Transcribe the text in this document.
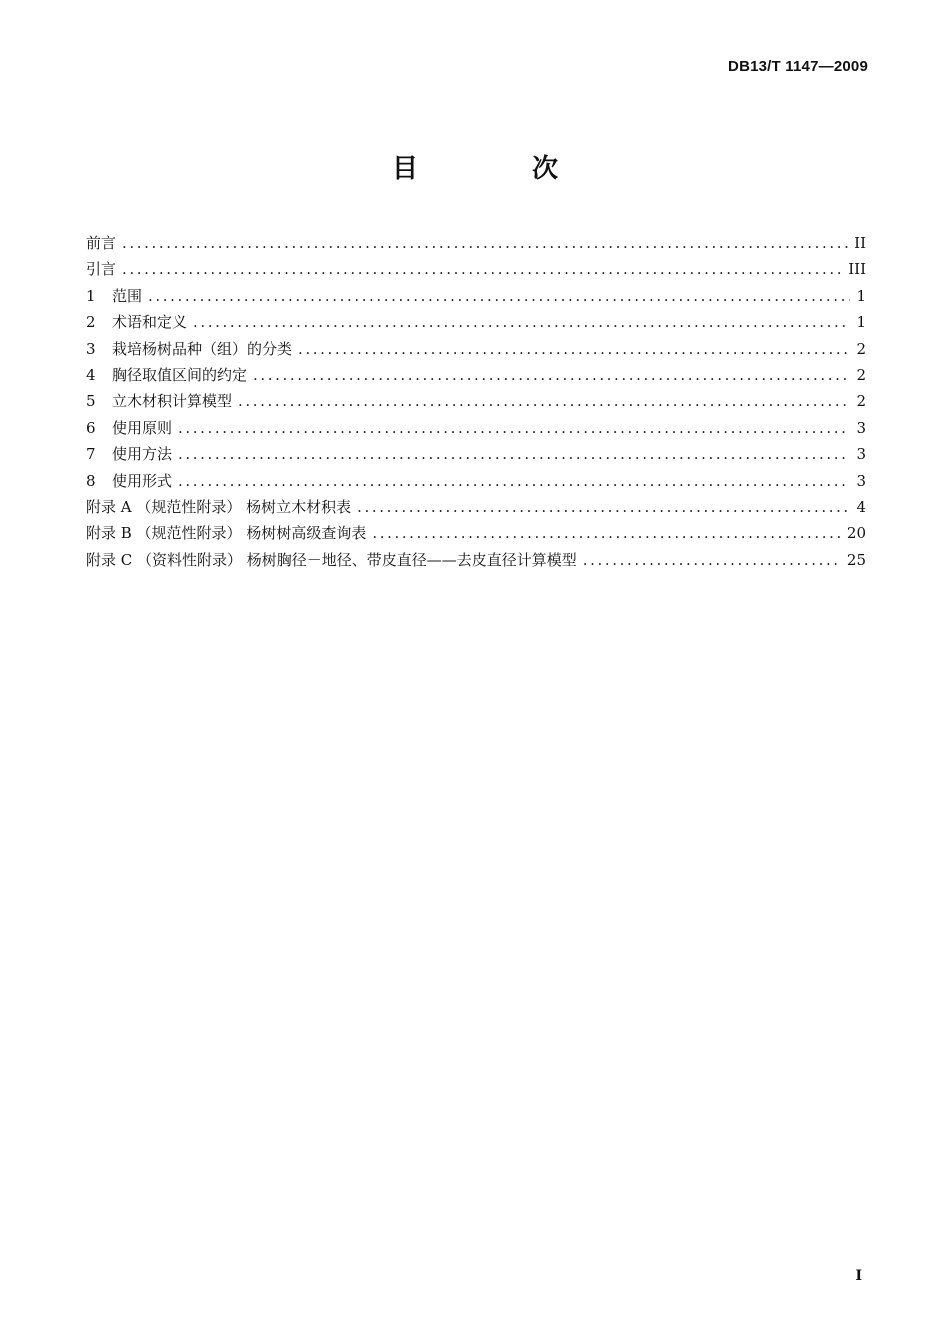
DB13/T 1147—2009
目　次
前言 .....	II
引言 .....	III
1	范围 .....	1
2	术语和定义 .....	1
3	栽培杨树品种（组）的分类 .....	2
4	胸径取值区间的约定 .....	2
5	立木材积计算模型 .....	2
6	使用原则 .....	3
7	使用方法 .....	3
8	使用形式 .....	3
附录 A （规范性附录） 杨树立木材积表 .....	4
附录 B （规范性附录） 杨树树高级查询表 .....	20
附录 C （资料性附录） 杨树胸径－地径、带皮直径——去皮直径计算模型 .....	25
I
